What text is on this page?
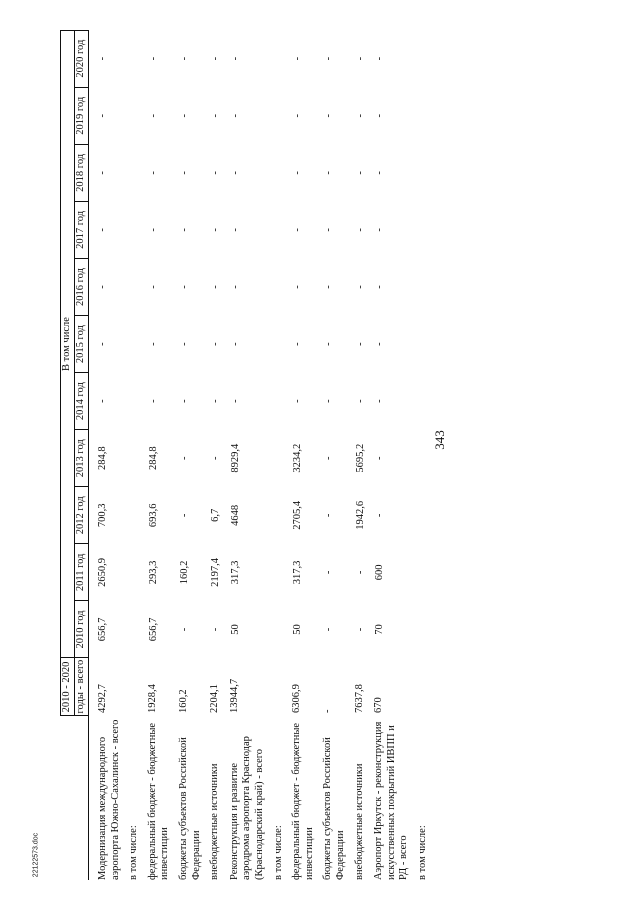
343
22122573.doc
	2010 - 2020	В том числе										
	годы - всего	2010 год	2011 год	2012 год	2013 год	2014 год	2015 год	2016 год	2017 год	2018 год	2019 год	2020 год
Модернизация международного аэропорта Южно-Сахалинск - всего	4292,7	656,7	2650,9	700,3	284,8	-	-	-	-	-	-	-
в том числе:												
федеральный бюджет - бюджетные инвестиции	1928,4	656,7	293,3	693,6	284,8	-	-	-	-	-	-	-
бюджеты субъектов Российской Федерации	160,2	-	160,2	-	-	-	-	-	-	-	-	-
внебюджетные источники	2204,1	-	2197,4	6,7	-	-	-	-	-	-	-	-
Реконструкция и развитие аэродрома аэропорта Краснодар (Краснодарский край) - всего	13944,7	50	317,3	4648	8929,4	-	-	-	-	-	-	-
в том числе:												
федеральный бюджет - бюджетные инвестиции	6306,9	50	317,3	2705,4	3234,2	-	-	-	-	-	-	-
бюджеты субъектов Российской Федерации	-	-	-	-	-	-	-	-	-	-	-	-
внебюджетные источники	7637,8	-	-	1942,6	5695,2	-	-	-	-	-	-	-
Аэропорт Иркутск - реконструкция искусственных покрытий ИВПП и РД - всего	670	70	600	-	-	-	-	-	-	-	-	-
в том числе:												
